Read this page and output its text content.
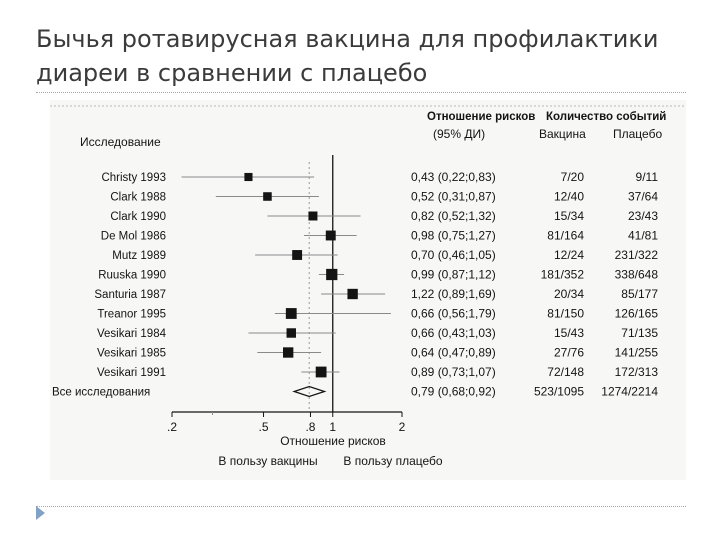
Бычья ротавирусная вакцина для профилактики диареи в сравнении с плацебо
Исследование
Отношение рисков
(95% ДИ)
Количество событий
Вакцина Плацебо
Christy 1993	0,43 (0,22;0,83)	7/20	9/11
Clark 1988	0,52 (0,31;0,87)	12/40	37/64
Clark 1990	0,82 (0,52;1,32)	15/34	23/43
De Mol 1986	0,98 (0,75;1,27)	81/164	41/81
Mutz 1989	0,70 (0,46;1,05)	12/24	231/322
Ruuska 1990	0,99 (0,87;1,12)	181/352	338/648
Santuria 1987	1,22 (0,89;1,69)	20/34	85/177
Treanor 1995	0,66 (0,56;1,79)	81/150	126/165
Vesikari 1984	0,66 (0,43;1,03)	15/43	71/135
Vesikari 1985	0,64 (0,47;0,89)	27/76	141/255
Vesikari 1991	0,89 (0,73;1,07)	72/148	172/313
Все исследования	0,79 (0,68;0,92)	523/1095 1274/2214
.2	.5	.8 1	2
Отношение рисков
В пользу вакцины В пользу плацебо
